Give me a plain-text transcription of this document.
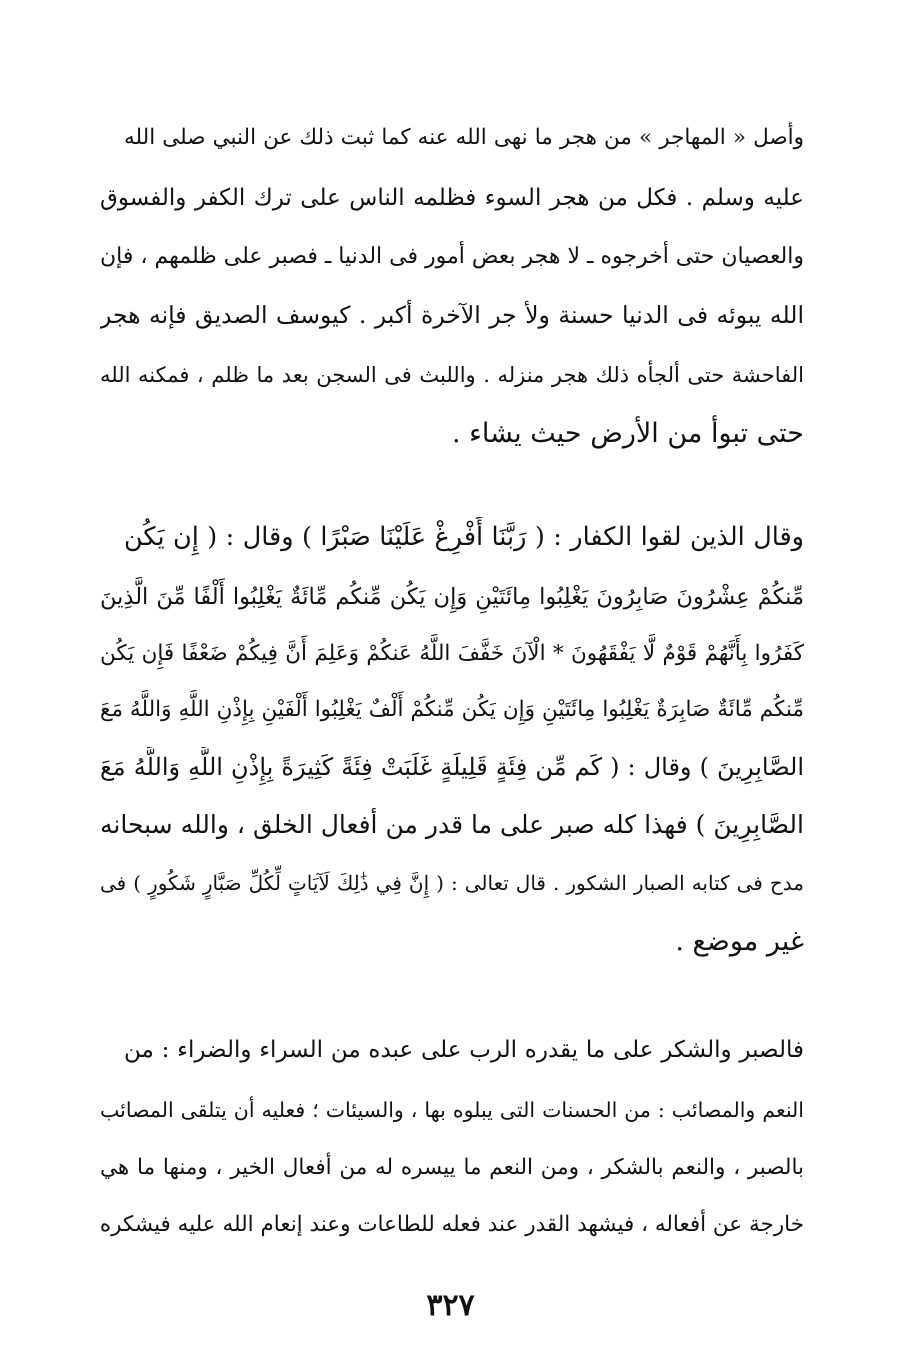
وأصل « المهاجر » من هجر ما نهى الله عنه كما ثبت ذلك عن النبي صلى الله
عليه وسلم . فكل من هجر السوء فظلمه الناس على ترك الكفر والفسوق
والعصيان حتى أخرجوه ـ لا هجر بعض أمور فى الدنيا ـ فصبر على ظلمهم ، فإن
الله يبوئه فى الدنيا حسنة ولأ جر الآخرة أكبر . كيوسف الصديق فإنه هجر
الفاحشة حتى ألجأه ذلك هجر منزله . واللبث فى السجن بعد ما ظلم ، فمكنه الله
حتى تبوأ من الأرض حيث يشاء .
وقال الذين لقوا الكفار : ( رَبَّنَا أَفْرِغْ عَلَيْنَا صَبْرًا ) وقال : ( إِن يَكُن
مِّنكُمْ عِشْرُونَ صَابِرُونَ يَغْلِبُوا مِائَتَيْنِ وَإِن يَكُن مِّنكُم مِّائَةٌ يَغْلِبُوا أَلْفًا مِّنَ الَّذِينَ
كَفَرُوا بِأَنَّهُمْ قَوْمٌ لَّا يَفْقَهُونَ * الْآنَ خَفَّفَ اللَّهُ عَنكُمْ وَعَلِمَ أَنَّ فِيكُمْ ضَعْفًا فَإِن يَكُن
مِّنكُم مِّائَةٌ صَابِرَةٌ يَغْلِبُوا مِائَتَيْنِ وَإِن يَكُن مِّنكُمْ أَلْفٌ يَغْلِبُوا أَلْفَيْنِ بِإِذْنِ اللَّهِ وَاللَّهُ مَعَ
الصَّابِرِينَ ) وقال : ( كَم مِّن فِئَةٍ قَلِيلَةٍ غَلَبَتْ فِئَةً كَثِيرَةً بِإِذْنِ اللَّهِ وَاللَّهُ مَعَ
الصَّابِرِينَ ) فهذا كله صبر على ما قدر من أفعال الخلق ، والله سبحانه
مدح فى كتابه الصبار الشكور . قال تعالى : ( إِنَّ فِي ذَٰلِكَ لَآيَاتٍ لِّكُلِّ صَبَّارٍ شَكُورٍ ) فى
غير موضع .
فالصبر والشكر على ما يقدره الرب على عبده من السراء والضراء : من
النعم والمصائب : من الحسنات التى يبلوه بها ، والسيئات ؛ فعليه أن يتلقى المصائب
بالصبر ، والنعم بالشكر ، ومن النعم ما ييسره له من أفعال الخير ، ومنها ما هي
خارجة عن أفعاله ، فيشهد القدر عند فعله للطاعات وعند إنعام الله عليه فيشكره
٣٢٧
